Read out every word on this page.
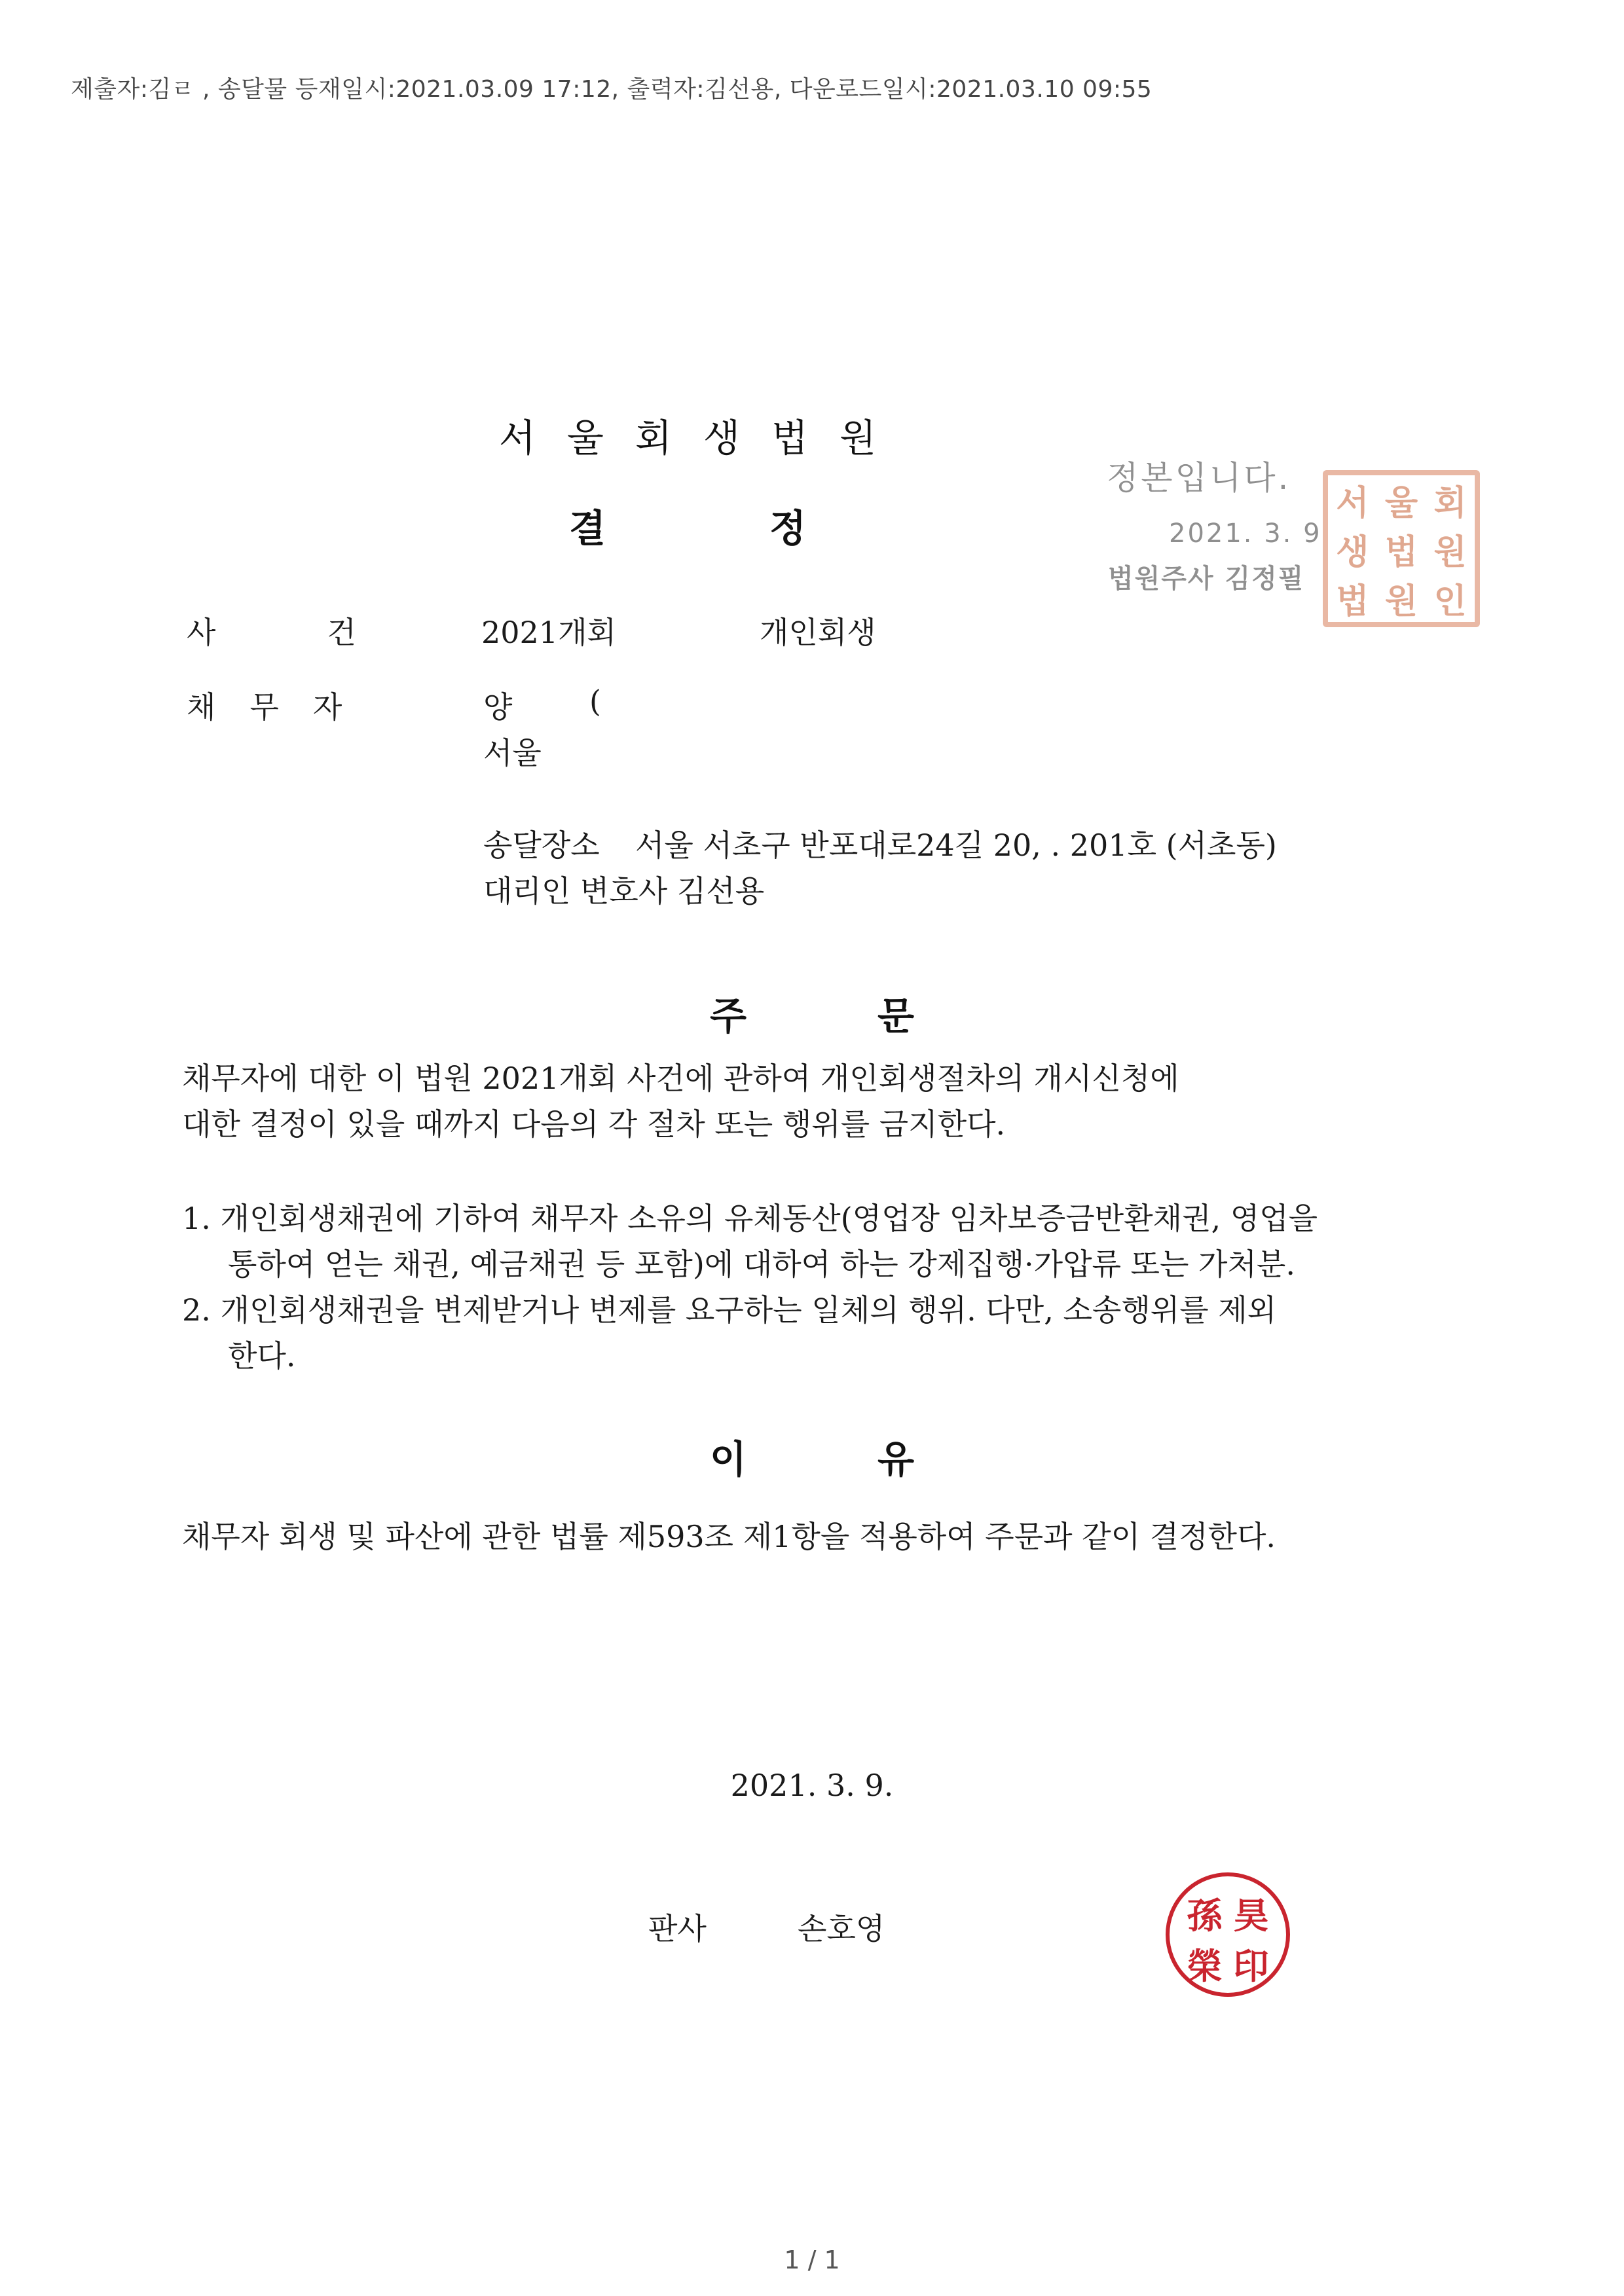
제출자:김ㄹ , 송달물 등재일시:2021.03.09 17:12, 출력자:김선용, 다운로드일시:2021.03.10 09:55
서울회생법원
결정
정본입니다.
2021. 3. 9.
법원주사 김정필
서 울 회
생 법 원
법 원 인
사건 2021개회	개인회생
채무자	양	(
서울
송달장소 서울 서초구 반포대로24길 20, . 201호 (서초동)
대리인 변호사 김선용
주문
채무자에 대한 이 법원 2021개회 사건에 관하여 개인회생절차의 개시신청에
대한 결정이 있을 때까지 다음의 각 절차 또는 행위를 금지한다.
1. 개인회생채권에 기하여 채무자 소유의 유체동산(영업장 임차보증금반환채권, 영업을
통하여 얻는 채권, 예금채권 등 포함)에 대하여 하는 강제집행·가압류 또는 가처분.
2. 개인회생채권을 변제받거나 변제를 요구하는 일체의 행위. 다만, 소송행위를 제외
한다.
이유
채무자 회생 및 파산에 관한 법률 제593조 제1항을 적용하여 주문과 같이 결정한다.
2021. 3. 9.
판사	손호영	孫 昊
榮 印
1 / 1
